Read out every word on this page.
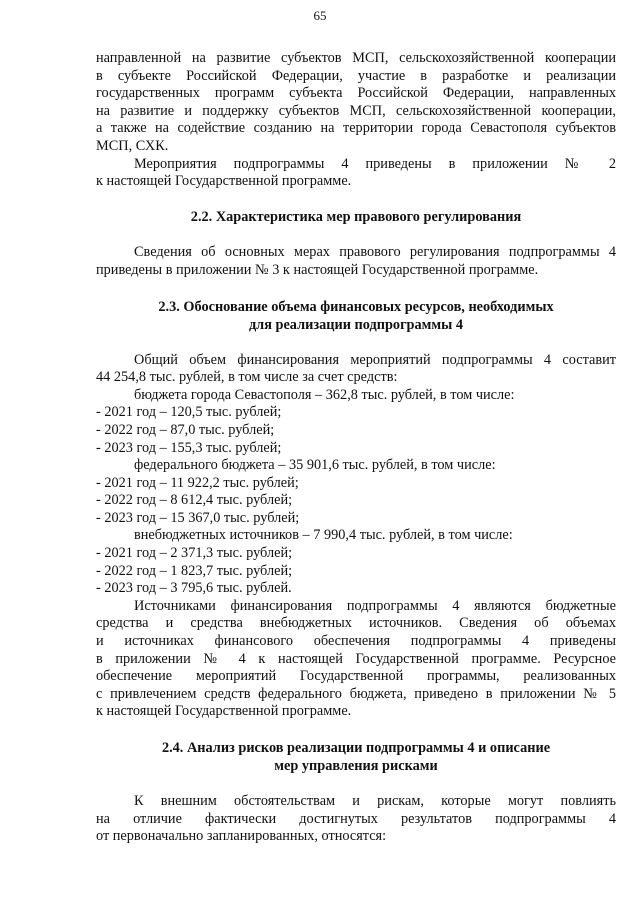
65

направленной на развитие субъектов МСП, сельскохозяйственной кооперации

в субъекте Российской Федерации, участие в разработке и реализации

государственных программ субъекта Российской Федерации, направленных

на развитие и поддержку субъектов МСП, сельскохозяйственной кооперации,

а также на содействие созданию на территории города Севастополя субъектов

МСП, СХК.

Мероприятия подпрограммы 4 приведены в приложении № 2

к настоящей Государственной программе.

2.2. Характеристика мер правового регулирования

Сведения об основных мерах правового регулирования подпрограммы 4

приведены в приложении № 3 к настоящей Государственной программе.

2.3. Обоснование объема финансовых ресурсов, необходимых
для реализации подпрограммы 4

Общий объем финансирования мероприятий подпрограммы 4 составит

44 254,8 тыс. рублей, в том числе за счет средств:

бюджета города Севастополя – 362,8 тыс. рублей, в том числе:

- 2021 год – 120,5 тыс. рублей;

- 2022 год – 87,0 тыс. рублей;

- 2023 год – 155,3 тыс. рублей;

федерального бюджета – 35 901,6 тыс. рублей, в том числе:

- 2021 год – 11 922,2 тыс. рублей;

- 2022 год – 8 612,4 тыс. рублей;

- 2023 год – 15 367,0 тыс. рублей;

внебюджетных источников – 7 990,4 тыс. рублей, в том числе:

- 2021 год – 2 371,3 тыс. рублей;

- 2022 год – 1 823,7 тыс. рублей;

- 2023 год – 3 795,6 тыс. рублей.

Источниками финансирования подпрограммы 4 являются бюджетные

средства и средства внебюджетных источников. Сведения об объемах

и источниках финансового обеспечения подпрограммы 4 приведены

в приложении № 4 к настоящей Государственной программе. Ресурсное

обеспечение мероприятий Государственной программы, реализованных

с привлечением средств федерального бюджета, приведено в приложении № 5

к настоящей Государственной программе.

2.4. Анализ рисков реализации подпрограммы 4 и описание
мер управления рисками

К внешним обстоятельствам и рискам, которые могут повлиять

на отличие фактически достигнутых результатов подпрограммы 4

от первоначально запланированных, относятся:
